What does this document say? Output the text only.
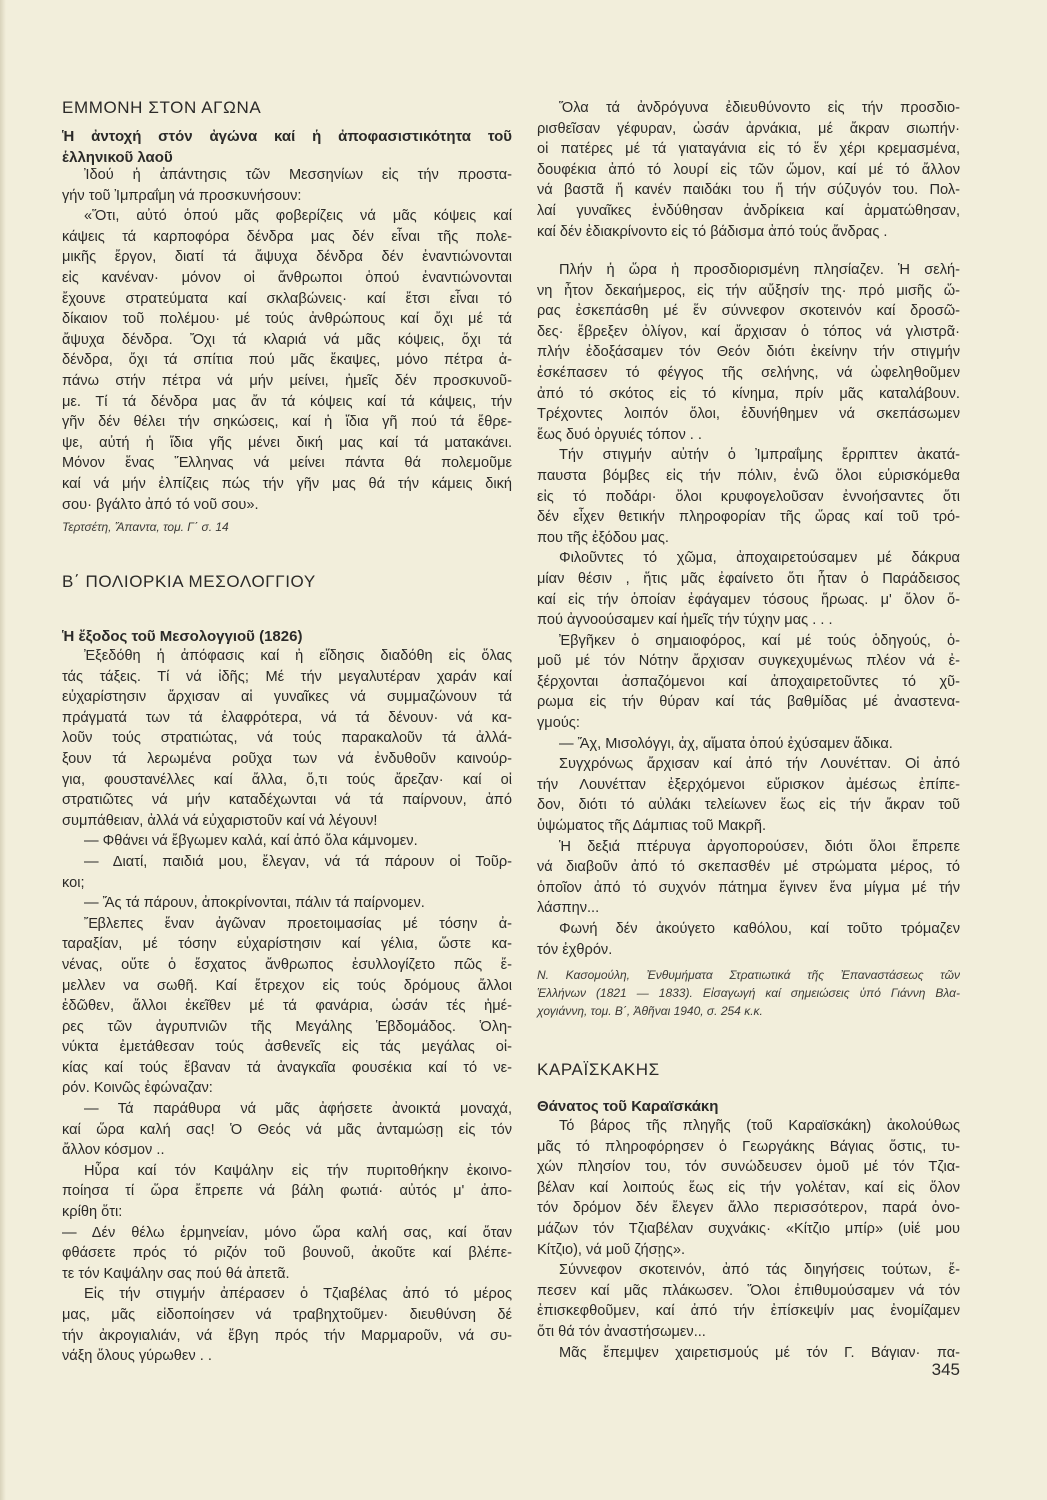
ΕΜΜΟΝΗ ΣΤΟΝ ΑΓΩΝΑ
Ἡ ἀντοχή στόν ἀγώνα καί ἡ ἀποφασιστικότητα τοῦ
ἑλληνικοῦ λαοῦ
Ἰδού ἡ ἀπάντησις τῶν Μεσσηνίων εἰς τήν προστα-
γήν τοῦ Ἰμπραΐμη νά προσκυνήσουν:
«Ὅτι, αὐτό ὁπού μᾶς φοβερίζεις νά μᾶς κόψεις καί
κάψεις τά καρποφόρα δένδρα μας δέν εἶναι τῆς πολε-
μικῆς ἔργον, διατί τά ἄψυχα δένδρα δέν ἐναντιώνονται
εἰς κανέναν· μόνον οἱ ἄνθρωποι ὁπού ἐναντιώνονται
ἔχουνε στρατεύματα καί σκλαβώνεις· καί ἔτσι εἶναι τό
δίκαιον τοῦ πολέμου· μέ τούς ἀνθρώπους καί ὄχι μέ τά
ἄψυχα δένδρα. Ὄχι τά κλαριά νά μᾶς κόψεις, ὄχι τά
δένδρα, ὄχι τά σπίτια πού μᾶς ἔκαψες, μόνο πέτρα ἀ-
πάνω στήν πέτρα νά μήν μείνει, ἡμεῖς δέν προσκυνοῦ-
με. Τί τά δένδρα μας ἄν τά κόψεις καί τά κάψεις, τήν
γῆν δέν θέλει τήν σηκώσεις, καί ἡ ἴδια γῆ πού τά ἔθρε-
ψε, αὐτή ἡ ἴδια γῆς μένει δική μας καί τά ματακάνει.
Μόνον ἕνας Ἕλληνας νά μείνει πάντα θά πολεμοῦμε
καί νά μήν ἐλπίζεις πώς τήν γῆν μας θά τήν κάμεις δική
σου· βγάλτο ἀπό τό νοῦ σου».
Τερτσέτη, Ἅπαντα, τομ. Γ΄ σ. 14
Β΄ ΠΟΛΙΟΡΚΙΑ ΜΕΣΟΛΟΓΓΙΟΥ
Ἡ ἔξοδος τοῦ Μεσολογγιοῦ (1826)
Ἐξεδόθη ἡ ἀπόφασις καί ἡ εἴδησις διαδόθη εἰς ὅλας
τάς τάξεις. Τί νά ἰδῆς; Μέ τήν μεγαλυτέραν χαράν καί
εὐχαρίστησιν ἄρχισαν αἱ γυναῖκες νά συμμαζώνουν τά
πράγματά των τά ἐλαφρότερα, νά τά δένουν· νά κα-
λοῦν τούς στρατιώτας, νά τούς παρακαλοῦν τά ἀλλά-
ξουν τά λερωμένα ροῦχα των νά ἐνδυθοῦν καινούρ-
για, φουστανέλλες καί ἄλλα, ὅ,τι τούς ἄρεζαν· καί οἱ
στρατιῶτες νά μήν καταδέχωνται νά τά παίρνουν, ἀπό
συμπάθειαν, ἀλλά νά εὐχαριστοῦν καί νά λέγουν!
— Φθάνει νά ἔβγωμεν καλά, καί ἀπό ὅλα κάμνομεν.
— Διατί, παιδιά μου, ἔλεγαν, νά τά πάρουν οἱ Τοῦρ-
κοι;
— Ἄς τά πάρουν, ἀποκρίνονται, πάλιν τά παίρνομεν.
Ἔβλεπες ἕναν ἀγῶναν προετοιμασίας μέ τόσην ἀ-
ταραξίαν, μέ τόσην εὐχαρίστησιν καί γέλια, ὥστε κα-
νένας, οὔτε ὁ ἔσχατος ἄνθρωπος ἐσυλλογίζετο πῶς ἔ-
μελλεν να σωθῆ. Καί ἔτρεχον εἰς τούς δρόμους ἄλλοι
ἐδῶθεν, ἄλλοι ἐκεῖθεν μέ τά φανάρια, ὡσάν τές ἡμέ-
ρες τῶν ἀγρυπνιῶν τῆς Μεγάλης Ἑβδομάδος. Ὁλη-
νύκτα ἐμετάθεσαν τούς ἀσθενεῖς εἰς τάς μεγάλας οἰ-
κίας καί τούς ἔβαναν τά ἀναγκαῖα φουσέκια καί τό νε-
ρόν. Κοινῶς ἐφώναζαν:
— Τά παράθυρα νά μᾶς ἀφήσετε ἀνοικτά μοναχά,
καί ὥρα καλή σας! Ὁ Θεός νά μᾶς ἀνταμώσῃ εἰς τόν
ἄλλον κόσμον ..
Ηὗρα καί τόν Καψάλην εἰς τήν πυριτοθήκην ἐκοινο-
ποίησα τί ὥρα ἔπρεπε νά βάλη φωτιά· αὐτός μ' ἀπο-
κρίθη ὅτι:
— Δέν θέλω ἑρμηνείαν, μόνο ὥρα καλή σας, καί ὅταν
φθάσετε πρός τό ριζόν τοῦ βουνοῦ, ἀκοῦτε καί βλέπε-
τε τόν Καψάλην σας πού θά ἀπετᾶ.
Εἰς τήν στιγμήν ἀπέρασεν ὁ Τζιαβέλας ἀπό τό μέρος
μας, μᾶς εἰδοποίησεν νά τραβηχτοῦμεν· διευθύνση δέ
τήν ἀκρογιαλιάν, νά ἔβγη πρός τήν Μαρμαροῦν, νά συ-
νάξη ὅλους γύρωθεν . .
Ὅλα τά ἀνδρόγυνα ἐδιευθύνοντο εἰς τήν προσδιο-
ρισθεῖσαν γέφυραν, ὡσάν ἀρνάκια, μέ ἄκραν σιωπήν·
οἱ πατέρες μέ τά γιαταγάνια εἰς τό ἕν χέρι κρεμασμένα,
δουφέκια ἀπό τό λουρί εἰς τῶν ὤμον, καί μέ τό ἄλλον
νά βαστᾶ ἤ κανέν παιδάκι του ἤ τήν σύζυγόν του. Πολ-
λαί γυναῖκες ἐνδύθησαν ἀνδρίκεια καί ἁρματώθησαν,
καί δέν ἐδιακρίνοντο εἰς τό βάδισμα ἀπό τούς ἄνδρας .
Πλήν ἡ ὥρα ἡ προσδιορισμένη πλησίαζεν. Ἡ σελή-
νη ἦτον δεκαήμερος, εἰς τήν αὔξησίν της· πρό μισῆς ὥ-
ρας ἐσκεπάσθη μέ ἕν σύννεφον σκοτεινόν καί δροσῶ-
δες· ἔβρεξεν ὀλίγον, καί ἄρχισαν ὁ τόπος νά γλιστρᾶ·
πλήν ἐδοξάσαμεν τόν Θεόν διότι ἐκείνην τήν στιγμήν
ἐσκέπασεν τό φέγγος τῆς σελήνης, νά ὠφεληθοῦμεν
ἀπό τό σκότος εἰς τό κίνημα, πρίν μᾶς καταλάβουν.
Τρέχοντες λοιπόν ὅλοι, ἐδυνήθημεν νά σκεπάσωμεν
ἕως δυό ὀργυιές τόπον . .
Τήν στιγμήν αὐτήν ὁ Ἰμπραΐμης ἔρριπτεν ἀκατά-
παυστα βόμβες εἰς τήν πόλιν, ἐνῶ ὅλοι εὑρισκόμεθα
εἰς τό ποδάρι· ὅλοι κρυφογελοῦσαν ἐννοήσαντες ὅτι
δέν εἶχεν θετικήν πληροφορίαν τῆς ὥρας καί τοῦ τρό-
που τῆς ἐξόδου μας.
Φιλοῦντες τό χῶμα, ἀποχαιρετούσαμεν μέ δάκρυα
μίαν θέσιν , ἥτις μᾶς ἐφαίνετο ὅτι ἦταν ὁ Παράδεισος
καί εἰς τήν ὁποίαν ἐφάγαμεν τόσους ἥρωας. μ' ὅλον ὅ-
πού ἀγνοούσαμεν καί ἡμεῖς τήν τύχην μας . . .
Ἐβγῆκεν ὁ σημαιοφόρος, καί μέ τούς ὁδηγούς, ὁ-
μοῦ μέ τόν Νότην ἄρχισαν συγκεχυμένως πλέον νά ἐ-
ξέρχονται ἀσπαζόμενοι καί ἀποχαιρετοῦντες τό χῦ-
ρωμα εἰς τήν θύραν καί τάς βαθμίδας μέ ἀναστενα-
γμούς:
— Ἄχ, Μισολόγγι, ἀχ, αἵματα ὁπού ἐχύσαμεν ἄδικα.
Συγχρόνως ἄρχισαν καί ἀπό τήν Λουνέτταν. Οἱ ἀπό
τήν Λουνέτταν ἐξερχόμενοι εὕρισκον ἀμέσως ἐπίπε-
δον, διότι τό αὐλάκι τελείωνεν ἕως εἰς τήν ἄκραν τοῦ
ὑψώματος τῆς Δάμπιας τοῦ Μακρῆ.
Ἡ δεξιά πτέρυγα ἀργοπορούσεν, διότι ὅλοι ἔπρεπε
νά διαβοῦν ἀπό τό σκεπασθέν μέ στρώματα μέρος, τό
ὁποῖον ἀπό τό συχνόν πάτημα ἔγινεν ἕνα μίγμα μέ τήν
λάσπην...
Φωνή δέν ἀκούγετο καθόλου, καί τοῦτο τρόμαζεν
τόν ἐχθρόν.
Ν. Κασομούλη, Ἐνθυμήματα Στρατιωτικά τῆς Ἐπαναστάσεως τῶν
Ἑλλήνων (1821 — 1833). Εἰσαγωγή καί σημειώσεις ὑπό Γιάννη Βλα-
χογιάννη, τομ. Β΄, Ἀθῆναι 1940, σ. 254 κ.κ.
ΚΑΡΑΪΣΚΑΚΗΣ
Θάνατος τοῦ Καραϊσκάκη
Τό βάρος τῆς πληγῆς (τοῦ Καραϊσκάκη) ἀκολούθως
μᾶς τό πληροφόρησεν ὁ Γεωργάκης Βάγιας ὅστις, τυ-
χών πλησίον του, τόν συνώδευσεν ὁμοῦ μέ τόν Τζια-
βέλαν καί λοιπούς ἕως εἰς τήν γολέταν, καί εἰς ὅλον
τόν δρόμον δέν ἔλεγεν ἄλλο περισσότερον, παρά ὀνο-
μάζων τόν Τζιαβέλαν συχνάκις· «Κίτζιο μπίρ» (υἱέ μου
Κίτζιο), νά μοῦ ζήσῃς».
Σύννεφον σκοτεινόν, ἀπό τάς διηγήσεις τούτων, ἔ-
πεσεν καί μᾶς πλάκωσεν. Ὅλοι ἐπιθυμούσαμεν νά τόν
ἐπισκεφθοῦμεν, καί ἀπό τήν ἐπίσκεψίν μας ἐνομίζαμεν
ὅτι θά τόν ἀναστήσωμεν...
Μᾶς ἔπεμψεν χαιρετισμούς μέ τόν Γ. Βάγιαν· πα-
345
